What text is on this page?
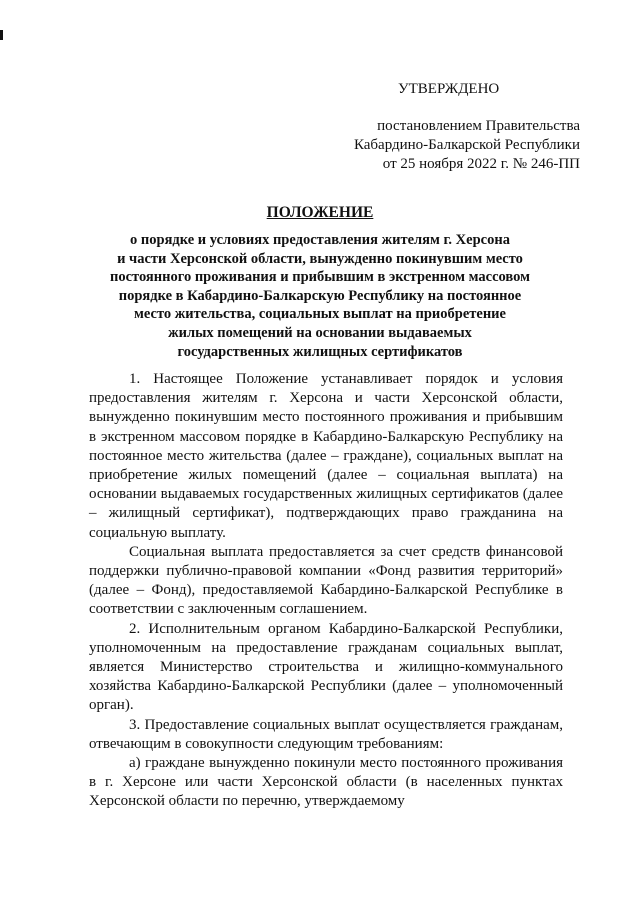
УТВЕРЖДЕНО
постановлением Правительства
Кабардино-Балкарской Республики
от 25 ноября 2022 г. № 246-ПП
ПОЛОЖЕНИЕ
о порядке и условиях предоставления жителям г. Херсона
и части Херсонской области, вынужденно покинувшим место
постоянного проживания и прибывшим в экстренном массовом
порядке в Кабардино-Балкарскую Республику на постоянное
место жительства, социальных выплат на приобретение
жилых помещений на основании выдаваемых
государственных жилищных сертификатов

1. Настоящее Положение устанавливает порядок и условия предоставления жителям г. Херсона и части Херсонской области, вынужденно покинувшим место постоянного проживания и прибывшим в экстренном массовом порядке в Кабардино-Балкарскую Республику на постоянное место жительства (далее – граждане), социальных выплат на приобретение жилых помещений (далее – социальная выплата) на основании выдаваемых государственных жилищных сертификатов (далее – жилищный сертификат), подтверждающих право гражданина на социальную выплату.

Социальная выплата предоставляется за счет средств финансовой поддержки публично-правовой компании «Фонд развития территорий» (далее – Фонд), предоставляемой Кабардино-Балкарской Республике в соответствии с заключенным соглашением.

2. Исполнительным органом Кабардино-Балкарской Республики, уполномоченным на предоставление гражданам социальных выплат, является Министерство строительства и жилищно-коммунального хозяйства Кабардино-Балкарской Республики (далее – уполномоченный орган).

3. Предоставление социальных выплат осуществляется гражданам, отвечающим в совокупности следующим требованиям:

а) граждане вынужденно покинули место постоянного проживания в г. Херсоне или части Херсонской области (в населенных пунктах Херсонской области по перечню, утверждаемому
